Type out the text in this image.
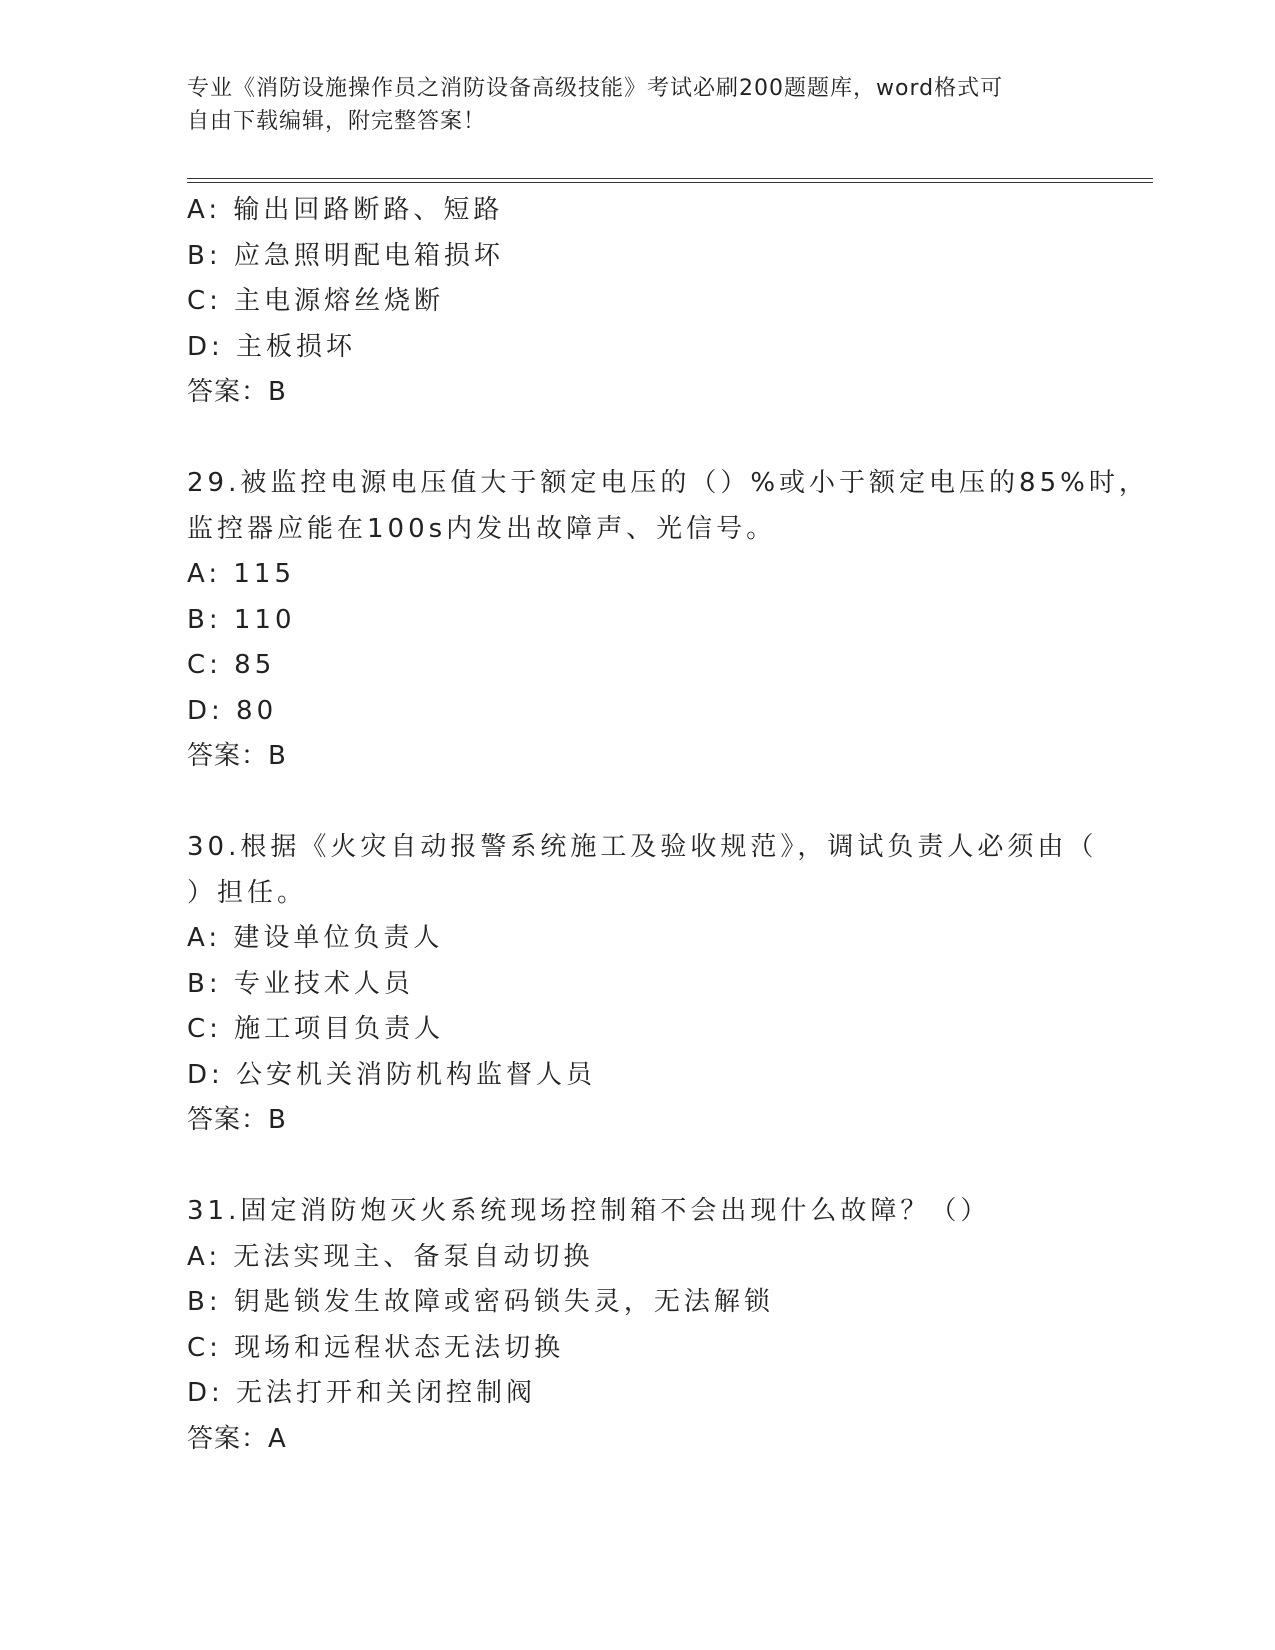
专业《消防设施操作员之消防设备高级技能》考试必刷200题题库，word格式可
自由下载编辑，附完整答案！
A: 输出回路断路、短路
B: 应急照明配电箱损坏
C: 主电源熔丝烧断
D: 主板损坏
答案：B
29.被监控电源电压值大于额定电压的（）%或小于额定电压的85%时，
监控器应能在100s内发出故障声、光信号。
A: 115
B: 110
C: 85
D: 80
答案：B
30.根据《火灾自动报警系统施工及验收规范》，调试负责人必须由（
）担任。
A: 建设单位负责人
B: 专业技术人员
C: 施工项目负责人
D: 公安机关消防机构监督人员
答案：B
31.固定消防炮灭火系统现场控制箱不会出现什么故障？（）
A: 无法实现主、备泵自动切换
B: 钥匙锁发生故障或密码锁失灵，无法解锁
C: 现场和远程状态无法切换
D: 无法打开和关闭控制阀
答案：A
